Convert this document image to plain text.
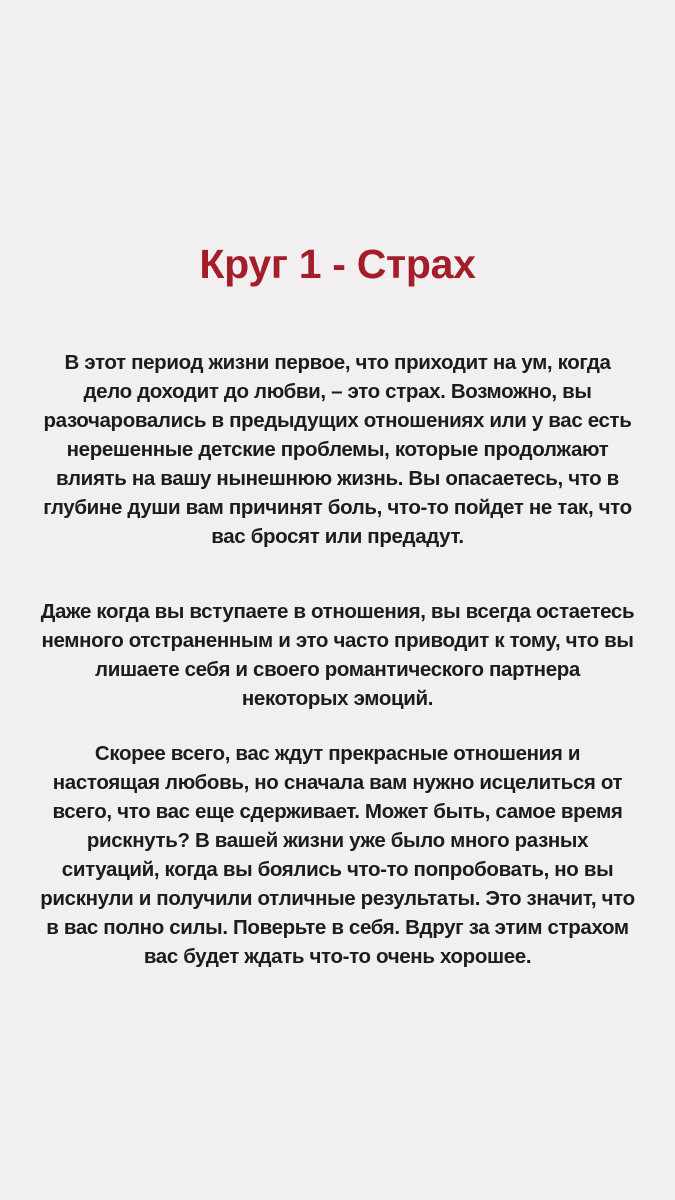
Круг 1 - Страх

В этот период жизни первое, что приходит на ум, когда дело доходит до любви, – это страх. Возможно, вы разочаровались в предыдущих отношениях или у вас есть нерешенные детские проблемы, которые продолжают влиять на вашу нынешнюю жизнь. Вы опасаетесь, что в глубине души вам причинят боль, что-то пойдет не так, что вас бросят или предадут.

Даже когда вы вступаете в отношения, вы всегда остаетесь немного отстраненным и это часто приводит к тому, что вы лишаете себя и своего романтического партнера некоторых эмоций.

Скорее всего, вас ждут прекрасные отношения и настоящая любовь, но сначала вам нужно исцелиться от всего, что вас еще сдерживает. Может быть, самое время рискнуть? В вашей жизни уже было много разных ситуаций, когда вы боялись что-то попробовать, но вы рискнули и получили отличные результаты. Это значит, что в вас полно силы. Поверьте в себя. Вдруг за этим страхом вас будет ждать что-то очень хорошее.
